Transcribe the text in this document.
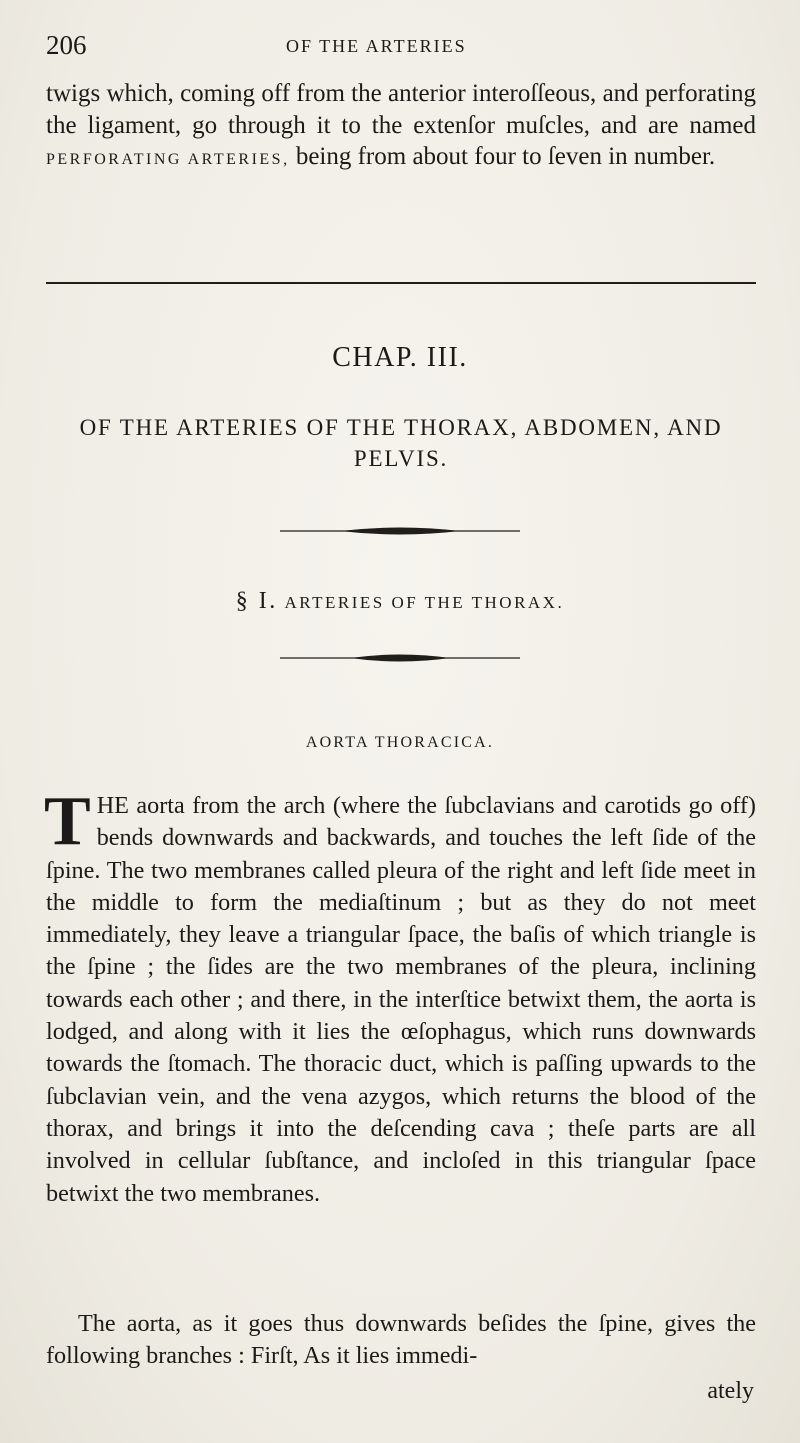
206	OF THE ARTERIES
twigs which, coming off from the anterior interoſſeous, and perforating the ligament, go through it to the extenſor muſcles, and are named PERFORATING ARTERIES, being from about four to ſeven in number.
CHAP. III.
OF THE ARTERIES OF THE THORAX, ABDOMEN, AND PELVIS.
§ I. ARTERIES OF THE THORAX.
AORTA THORACICA.
THE aorta from the arch (where the ſubclavians and carotids go off) bends downwards and backwards, and touches the left ſide of the ſpine. The two membranes called pleura of the right and left ſide meet in the middle to form the mediaſtinum ; but as they do not meet immediately, they leave a triangular ſpace, the baſis of which triangle is the ſpine ; the ſides are the two membranes of the pleura, inclining towards each other ; and there, in the interſtice betwixt them, the aorta is lodged, and along with it lies the œſophagus, which runs downwards towards the ſtomach. The thoracic duct, which is paſſing upwards to the ſubclavian vein, and the vena azygos, which returns the blood of the thorax, and brings it into the deſcending cava ; theſe parts are all involved in cellular ſubſtance, and incloſed in this triangular ſpace betwixt the two membranes.
The aorta, as it goes thus downwards beſides the ſpine, gives the following branches : Firſt, As it lies immedi-
ately
